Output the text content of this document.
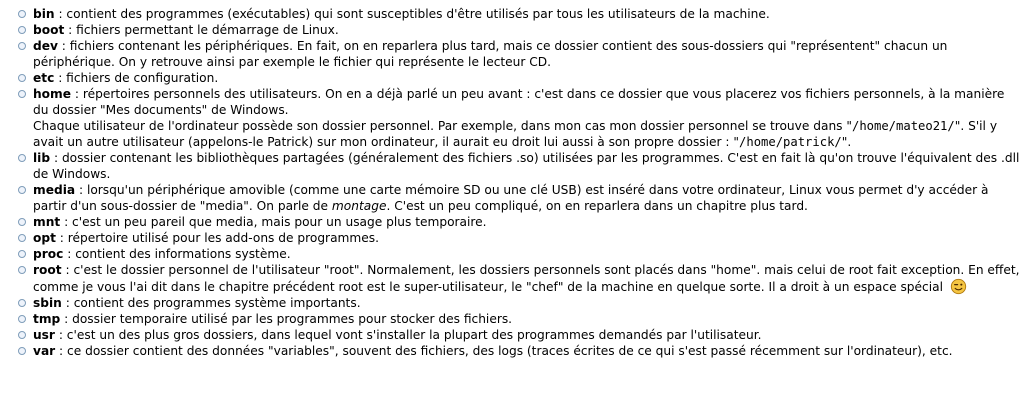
bin : contient des programmes (exécutables) qui sont susceptibles d'être utilisés par tous les utilisateurs de la machine.
boot : fichiers permettant le démarrage de Linux.
dev : fichiers contenant les périphériques. En fait, on en reparlera plus tard, mais ce dossier contient des sous-dossiers qui "représentent" chacun un périphérique. On y retrouve ainsi par exemple le fichier qui représente le lecteur CD.
etc : fichiers de configuration.
home : répertoires personnels des utilisateurs. On en a déjà parlé un peu avant : c'est dans ce dossier que vous placerez vos fichiers personnels, à la manière du dossier "Mes documents" de Windows.
Chaque utilisateur de l'ordinateur possède son dossier personnel. Par exemple, dans mon cas mon dossier personnel se trouve dans "/home/mateo21/". S'il y avait un autre utilisateur (appelons-le Patrick) sur mon ordinateur, il aurait eu droit lui aussi à son propre dossier : "/home/patrick/".
lib : dossier contenant les bibliothèques partagées (généralement des fichiers .so) utilisées par les programmes. C'est en fait là qu'on trouve l'équivalent des .dll de Windows.
media : lorsqu'un périphérique amovible (comme une carte mémoire SD ou une clé USB) est inséré dans votre ordinateur, Linux vous permet d'y accéder à partir d'un sous-dossier de "media". On parle de montage. C'est un peu compliqué, on en reparlera dans un chapitre plus tard.
mnt : c'est un peu pareil que media, mais pour un usage plus temporaire.
opt : répertoire utilisé pour les add-ons de programmes.
proc : contient des informations système.
root : c'est le dossier personnel de l'utilisateur "root". Normalement, les dossiers personnels sont placés dans "home". mais celui de root fait exception. En effet, comme je vous l'ai dit dans le chapitre précédent root est le super-utilisateur, le "chef" de la machine en quelque sorte. Il a droit à un espace spécial
sbin : contient des programmes système importants.
tmp : dossier temporaire utilisé par les programmes pour stocker des fichiers.
usr : c'est un des plus gros dossiers, dans lequel vont s'installer la plupart des programmes demandés par l'utilisateur.
var : ce dossier contient des données "variables", souvent des fichiers, des logs (traces écrites de ce qui s'est passé récemment sur l'ordinateur), etc.
